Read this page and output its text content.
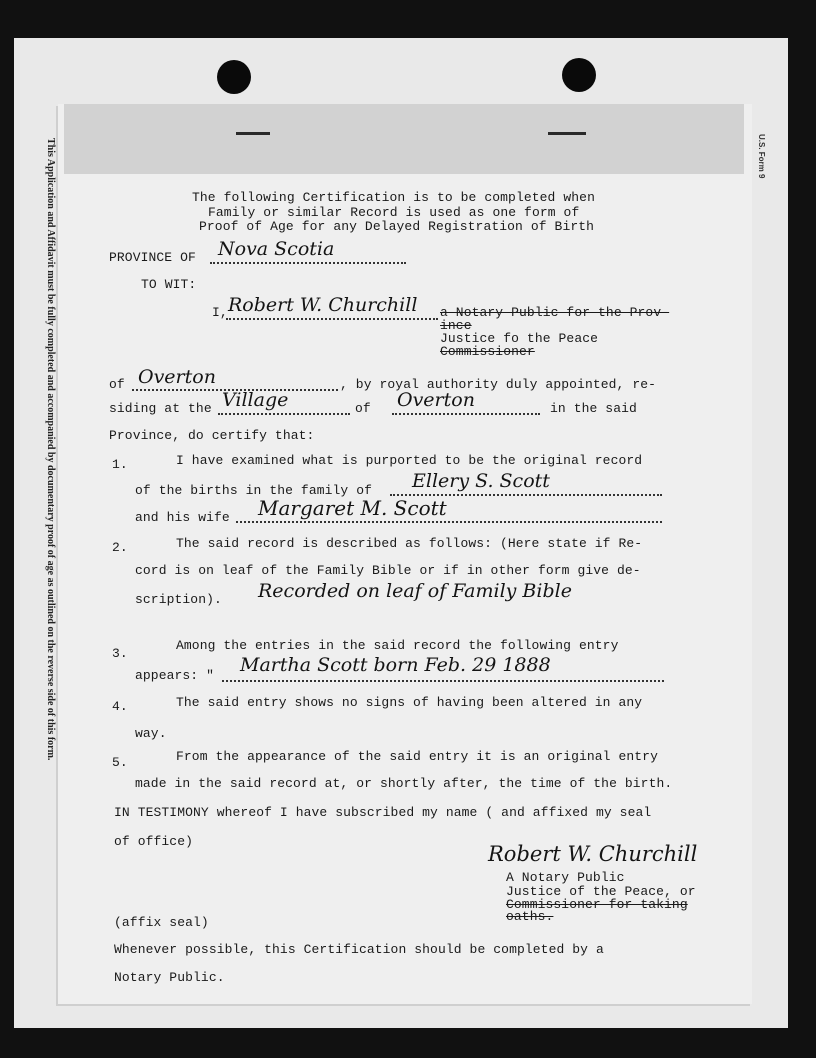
This Application and Affidavit must be fully completed and accompanied by documentary proof of age as outlined on the reverse side of this form.	U.S. Form 9
The following Certification is to be completed when
Family or similar Record is used as one form of
Proof of Age for any Delayed Registration of Birth
PROVINCE OF Nova Scotia
TO WIT:
I, Robert W. Churchill a Notary Public for the Prov-
ince
Justice fo the Peace
Commissioner
of Overton	, by royal authority duly appointed, re-
siding at the Village	of Overton	in the said
Province, do certify that:
1.	I have examined what is purported to be the original record
of the births in the family of Ellery S. Scott
and his wife Margaret M. Scott
2.	The said record is described as follows: (Here state if Re-
cord is on leaf of the Family Bible or if in other form give de-
scription). Recorded on leaf of Family Bible
3.
Among the entries in the said record the following entry
appears: " Martha Scott born Feb. 29 1888
4.	The said entry shows no signs of having been altered in any
way.
5.	From the appearance of the said entry it is an original entry
made in the said record at, or shortly after, the time of the birth.
IN TESTIMONY whereof I have subscribed my name ( and affixed my seal
of office)
Robert W. Churchill
A Notary Public
Justice of the Peace, or
Commissioner for taking
oaths.
(affix seal)
Whenever possible, this Certification should be completed by a
Notary Public.
